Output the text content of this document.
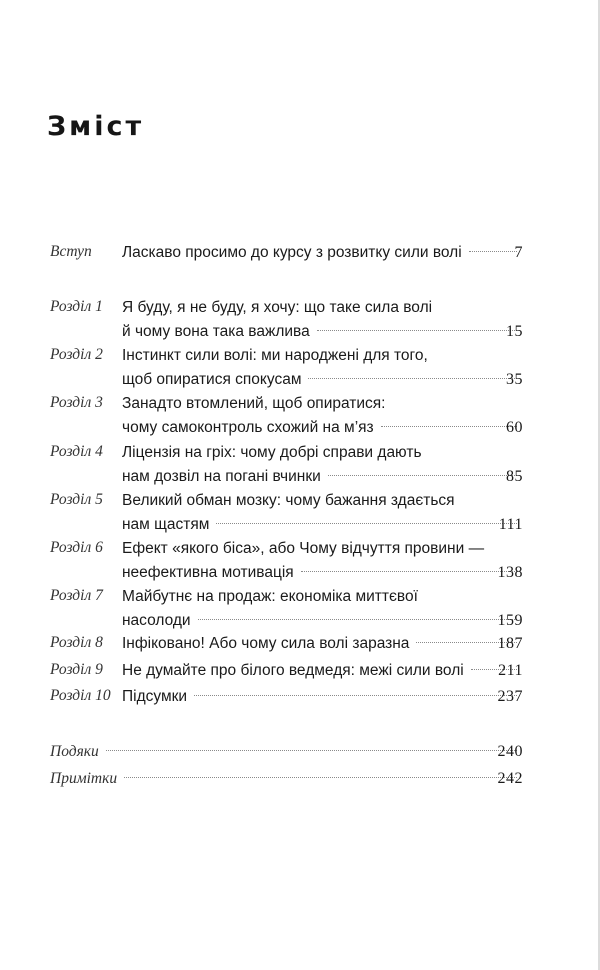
Зміст
Вступ Ласкаво просимо до курсу з розвитку сили волі	7
Розділ 1 Я буду, я не буду, я хочу: що таке сила волі
й чому вона така важлива	15
Розділ 2 Інстинкт сили волі: ми народжені для того,
щоб опиратися спокусам	35
Розділ 3 Занадто втомлений, щоб опиратися:
чому самоконтроль схожий на м’яз	60
Розділ 4 Ліцензія на гріх: чому добрі справи дають
нам дозвіл на погані вчинки	85
Розділ 5 Великий обман мозку: чому бажання здається
нам щастям	111
Розділ 6 Ефект «якого біса», або Чому відчуття провини —
неефективна мотивація	138
Розділ 7 Майбутнє на продаж: економіка миттєвої
насолоди	159
Розділ 8 Інфіковано! Або чому сила волі заразна	187
Розділ 9 Не думайте про білого ведмедя: межі сили волі	211
Розділ 10 Підсумки	237
Подяки	240
Примітки	242
